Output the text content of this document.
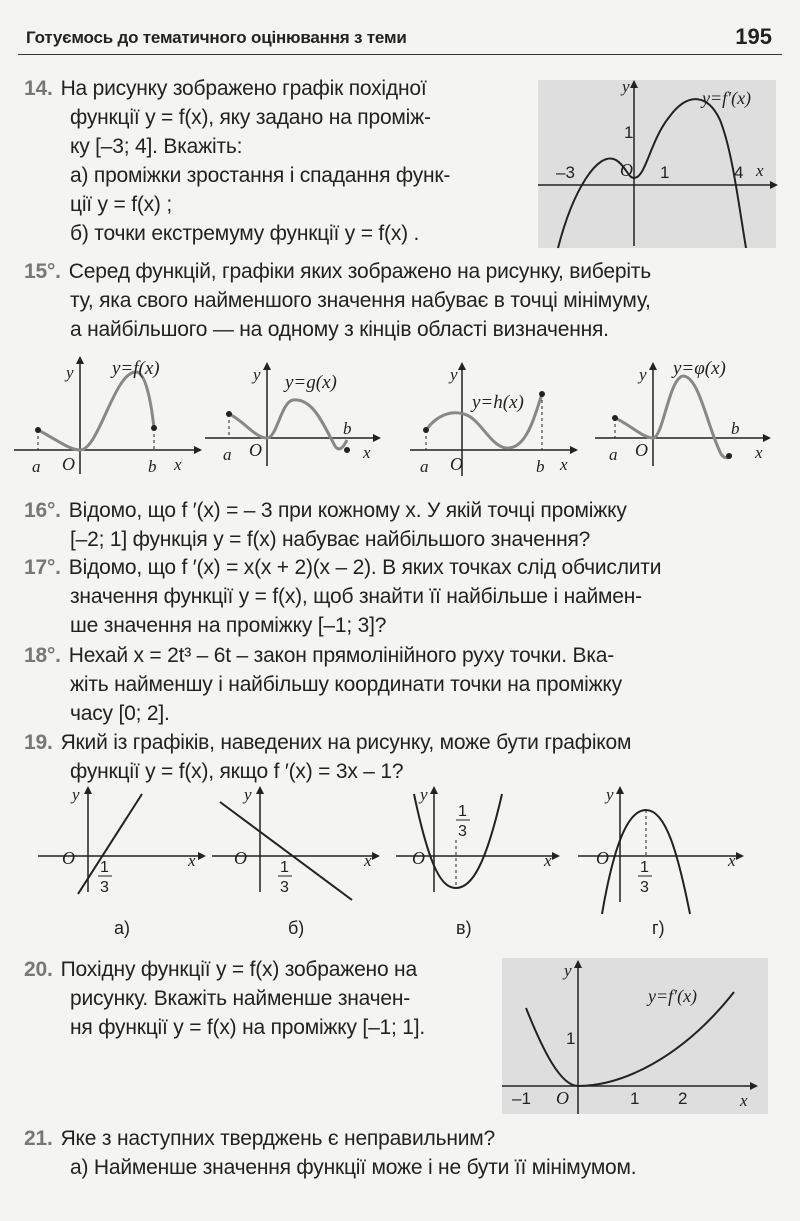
Готуємось до тематичного оцінювання з теми	195
14. На рисунку зображено графік похідної
функції y = f(x), яку задано на промiж-
ку [–3; 4]. Вкажіть:
а) проміжки зростання і спадання функ-
ції y = f(x) ;
б) точки екстремуму функції y = f(x) .
y=f′(x)
y
x
O
–3	1	4
1
15°. Серед функцій, графіки яких зображено на рисунку, виберіть
ту, яка свого найменшого значення набуває в точці мінімуму,
а найбільшого — на одному з кінців області визначення.
y=f(x)
y
x
O
a	b
y=g(x)
y
x
O
a
b
y=h(x)
y
x
O
a	b
y=φ(x)
y
x
O
a
b
16°. Відомо, що f ′(x) = – 3 при кожному x. У якій точці проміжку
[–2; 1] функція y = f(x) набуває найбільшого значення?
17°. Відомо, що f ′(x) = x(x + 2)(x – 2). В яких точках слід обчислити
значення функції y = f(x), щоб знайти її найбільше і наймен-
ше значення на проміжку [–1; 3]?
18°. Нехай x = 2t³ – 6t – закон прямолінійного руху точки. Вка-
жіть найменшу і найбільшу координати точки на проміжку
часу [0; 2].
19. Який із графіків, наведених на рисунку, може бути графіком
функції y = f(x), якщо f ′(x) = 3x – 1?
y
x
O 1
3
а)
y
x
O 1
3
б)
y
x
O
1
3
в)
y
x
O 1
3
г)
20. Похідну функції y = f(x) зображено на
рисунку. Вкажіть найменше значен-
ня функції y = f(x) на проміжку [–1; 1].
y=f′(x)
y
x
O
–1	1 2
1
21. Яке з наступних тверджень є неправильним?
а) Найменше значення функції може і не бути її мінімумом.
